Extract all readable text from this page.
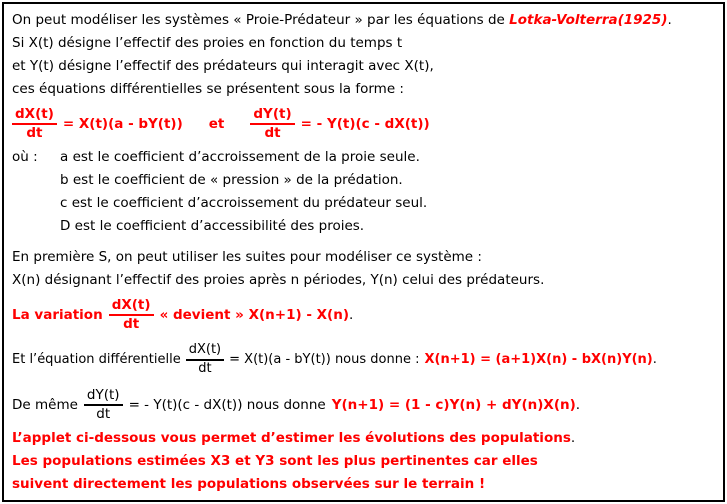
On peut modéliser les systèmes « Proie-Prédateur » par les équations de Lotka-Volterra(1925).

Si X(t) désigne l’effectif des proies en fonction du temps t

et Y(t) désigne l’effectif des prédateurs qui interagit avec X(t),

ces équations différentielles se présentent sous la forme :

$\frac{dX(t)}{dt} = X(t)(a - bY(t))$ et $\frac{dY(t)}{dt}$ = - Y(t)(c - dX(t))
où :	a est le coefficient d’accroissement de la proie seule.
b est le coefficient de « pression » de la prédation.
c est le coefficient d’accroissement du prédateur seul.
D est le coefficient d’accessibilité des proies.

En première S, on peut utiliser les suites pour modéliser ce système :

X(n) désignant l’effectif des proies après n périodes, Y(n) celui des prédateurs.

La variation $\frac{dX(t)}{dt}$ « devient » X(n+1) - X(n).
Et l’équation différentielle $\frac{dX(t)}{dt} = X(t)(a - bY(t))$ nous donne : X(n+1) = (a+1)X(n) - bX(n)Y(n).
De même $\frac{dY(t)}{dt}$ = - Y(t)(c - dX(t)) nous donne Y(n+1) = (1 - c)Y(n) + dY(n)X(n).

L’applet ci-dessous vous permet d’estimer les évolutions des populations.

Les populations estimées X3 et Y3 sont les plus pertinentes car elles

suivent directement les populations observées sur le terrain !
